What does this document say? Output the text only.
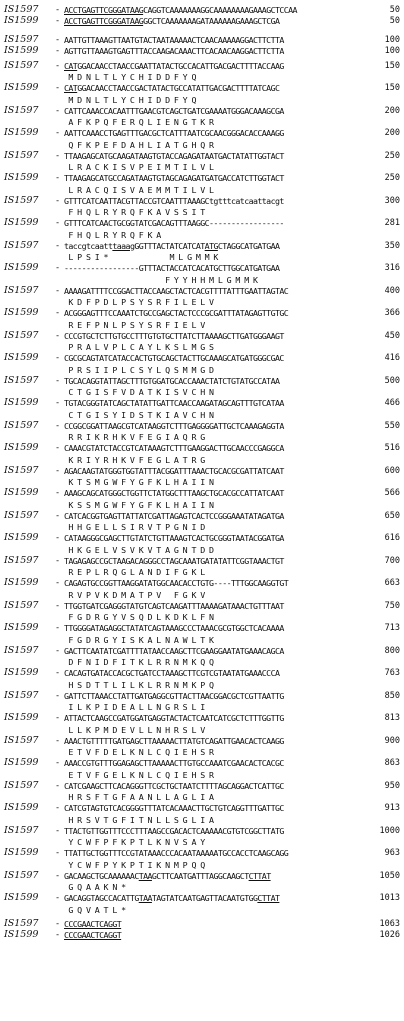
IS1597 - ACCTGAGTTCGGGATAAGCAGGTCAAAAAAAGGCAAAAAAAAGAAAGCTCCAA	50
IS1599 - ACCTGAGTTCGGGATAAGGGCTCAAAAAAAGATAAAAAAGAAAGCTCGA	50
IS1597 - AATTGTTAAAGTTAATGTACTAATAAAAACTCAACAAAAAGGACTTCTTA	100
IS1599 - AGTTGTTAAAGTGAGTTTACCAAGACAAACTTCACAACAAGGACTTCTTA	100
IS1597 - CATGGACAACCTAACCGAATTATACTGCCACATTGACGACTTTTACCAAG	150
M D N L T L Y C H I D D F Y Q
IS1599 - CATGGACAACCTAACCGACTATACTGCCATATTGACGACTTTTATCAGC	150
M D N L T L Y C H I D D F Y Q
IS1597 - CATTCAAACCACAATTTGAACGTCAGCTGATCGAAAATGGGACAAAGCGA	200
A F K P Q F E R Q L I E N G T K R
IS1599 - AATTCAAACCTGAGTTTGACGCTCATTTAATCGCAACGGGACACCAAAGG	200
Q F K P E F D A H L I A T G H Q R
IS1597 - TTAAGAGCATGCAAGATAAGTGTACCAGAGATAATGACTATATTGGTACT	250
L R A C K I S V P E I M T I L V L
IS1599 - TTAAGAGCATGCCAGATAAGTGTAGCAGAGATGATGACCATCTTGGTACT	250
L R A C Q I S V A E M M T I L V L
IS1597 - GTTTCATCAATTACGTTACCGTCAATTTAAAGCtgtttcatcaattacgt	300
F H Q L R Y R Q F K A V S S I T
IS1599 - GTTTCATCAACTGCGGTATCGACAGTTTAAGGC-----------------	281
F H Q L R Y R Q F K A
IS1597 - taccgtcaatttaaagGGTTTACTATCATCATATGCTAGGCATGATGAA	350
L P S I *              M L G M M K
IS1599 - -----------------GTTTACTACCATCACATGCTTGGCATGATGAA	316
F Y Y H H M L G M M K
IS1597 - AAAAGATTTTCCGGACTTACCAAGCTACTCACGTTTTATTTGAATTAGTAC	400
K D F P D L P S Y S R F I L E L V
IS1599 - ACGGGAGTTTCCAAATCTGCCGAGCTACTCCCGCGATTTATAGAGTTGTGC	366
R E F P N L P S Y S R F I E L V
IS1597 - CCCGTGCTCTTGTGCCTTTGTGTGCTTATCTTAAAAGCTTGATGGGAAGT	450
P R A L V P L C A Y L K S L M G S
IS1599 - CGCGCAGTATCATACCACTGTGCAGCTACTTGCAAAGCATGATGGGCGAC	416
P R S I I P L C S Y L Q S M M G D
IS1597 - TGCACAGGTATTAGCTTTGTGGATGCACCAAACTATCTGTATGCCATAA	500
C T G I S F V D A T K I S V C H N
IS1599 - TGTACGGGTATCAGCTATATTGATTCAACCAAGATAGCAGTTTGTCATAA	466
C T G I S Y I D S T K I A V C H N
IS1597 - CCGGCGGATTAAGCGTCATAAGGTCTTTGAGGGGATTGCTCAAAGAGGTA	550
R R I K R H K V F E G I A Q R G
IS1599 - CAAACGTATCTACCGTCATAAAGTCTTTGAAGGACTTGCAACCCGAGGCA	516
K R I Y R H K V F E G L A T R G
IS1597 - AGACAAGTATGGGTGGTATTTACGGATTTAAACTGCACGCGATTATCAAT	600
K T S M G W F Y G F K L H A I I N
IS1599 - AAAGCAGCATGGGCTGGTTCTATGGCTTTAAGCTGCACGCCATTATCAAT	566
K S S M G W F Y G F K L H A I I N
IS1597 - CATCACGGTGAGTTATTATCGATTAGAGTCACTCCGGGAAATATAGATGA	650
H H G E L L S I R V T P G N I D
IS1599 - CATAAGGGCGAGCTTGTATCTGTTAAAGTCACTGCGGGTAATACGGATGA	616
H K G E L V S V K V T A G N T D D
IS1597 - TAGAGAGCCGCTAAGACAGGGCCTAGCAAATGATATATTCGGTAAACTGT	700
R E P L R Q G L A N D I F G K L
IS1599 - CAGAGTGCCGGTTAAGGATATGGCAACACCTGTG----TTTGGCAAGGTGT	663
R V P V K D M A T P V   F G K V
IS1597 - TTGGTGATCGAGGGTATGTCAGTCAAGATTTAAAAGATAAACTGTTTAAT	750
F G D R G Y V S Q D L K D K L F N
IS1599 - TTGGGGATAGAGGCTATATCAGTAAAGCCCTAAACGCGTGGCTCACAAAA	713
F G D R G Y I S K A L N A W L T K
IS1597 - GACTTCAATATCGATTTTATAACCAAGCTTCGAAGGAATATGAAACAGCA	800
D F N I D F I T K L R R N M K Q Q
IS1599 - CACAGTGATACCACGCTGATCCTAAAGCTTCGTCGTAATATGAAACCCA	763
H S D T T L I L K L R R N M K P Q
IS1597 - GATTCTTAAACCTATTGATGAGGCGTTACTTAACGGACGCTCGTTAATTG	850
I L K P I D E A L L N G R S L I
IS1599 - ATTACTCAAGCCGATGGATGAGGTACTACTCAATCATCGCTCTTTGGTTG	813
L L K P M D E V L L N H R S L V
IS1597 - AAACTGTTTTTGATGAGCTTAAAAACTTATGTCAGATTGAACACTCAAGG	900
E T V F D E L K N L C Q I E H S R
IS1599 - AAACCGTGTTTGGAGAGCTTAAAAACTTGTGCCAAATCGAACACTCACGC	863
E T V F G E L K N L C Q I E H S R
IS1597 - CATCGAAGCTTCACAGGGTTCGCTGCTAATCTTTTAGCAGGACTCATTGC	950
H R S F T G F A A N L L A G L I A
IS1599 - CATCGTAGTGTCACGGGGTTTATCACAAACTTGCTGTCAGGTTTGATTGC	913
H R S V T G F I T N L L S G L I A
IS1597 - TTACTGTTGGTTTCCCTTTAAGCCGACACTCAAAAACGTGTCGGCTTATG	1000
Y C W F P F K P T L K N V S A Y
IS1599 - TTATTGCTGGTTTCCGTATAAACCCACAATAAAAATGCCACCTCAAGCAGG	963
Y C W F P Y K P T I K N M P Q Q
IS1597 - GACAAGCTGCAAAAAACTAAGCTTCAATGATTTAGGCAAGCTCTTAT	1050
G Q A A K N *
IS1599 - GACAGGTAGCCACATTGTAATAGTATCAATGAGTTACAATGTGGCTTAT	1013
G Q V A T L *
IS1597 - CCCGAACTCAGGT	1063
IS1599 - CCCGAACTCAGGT	1026
